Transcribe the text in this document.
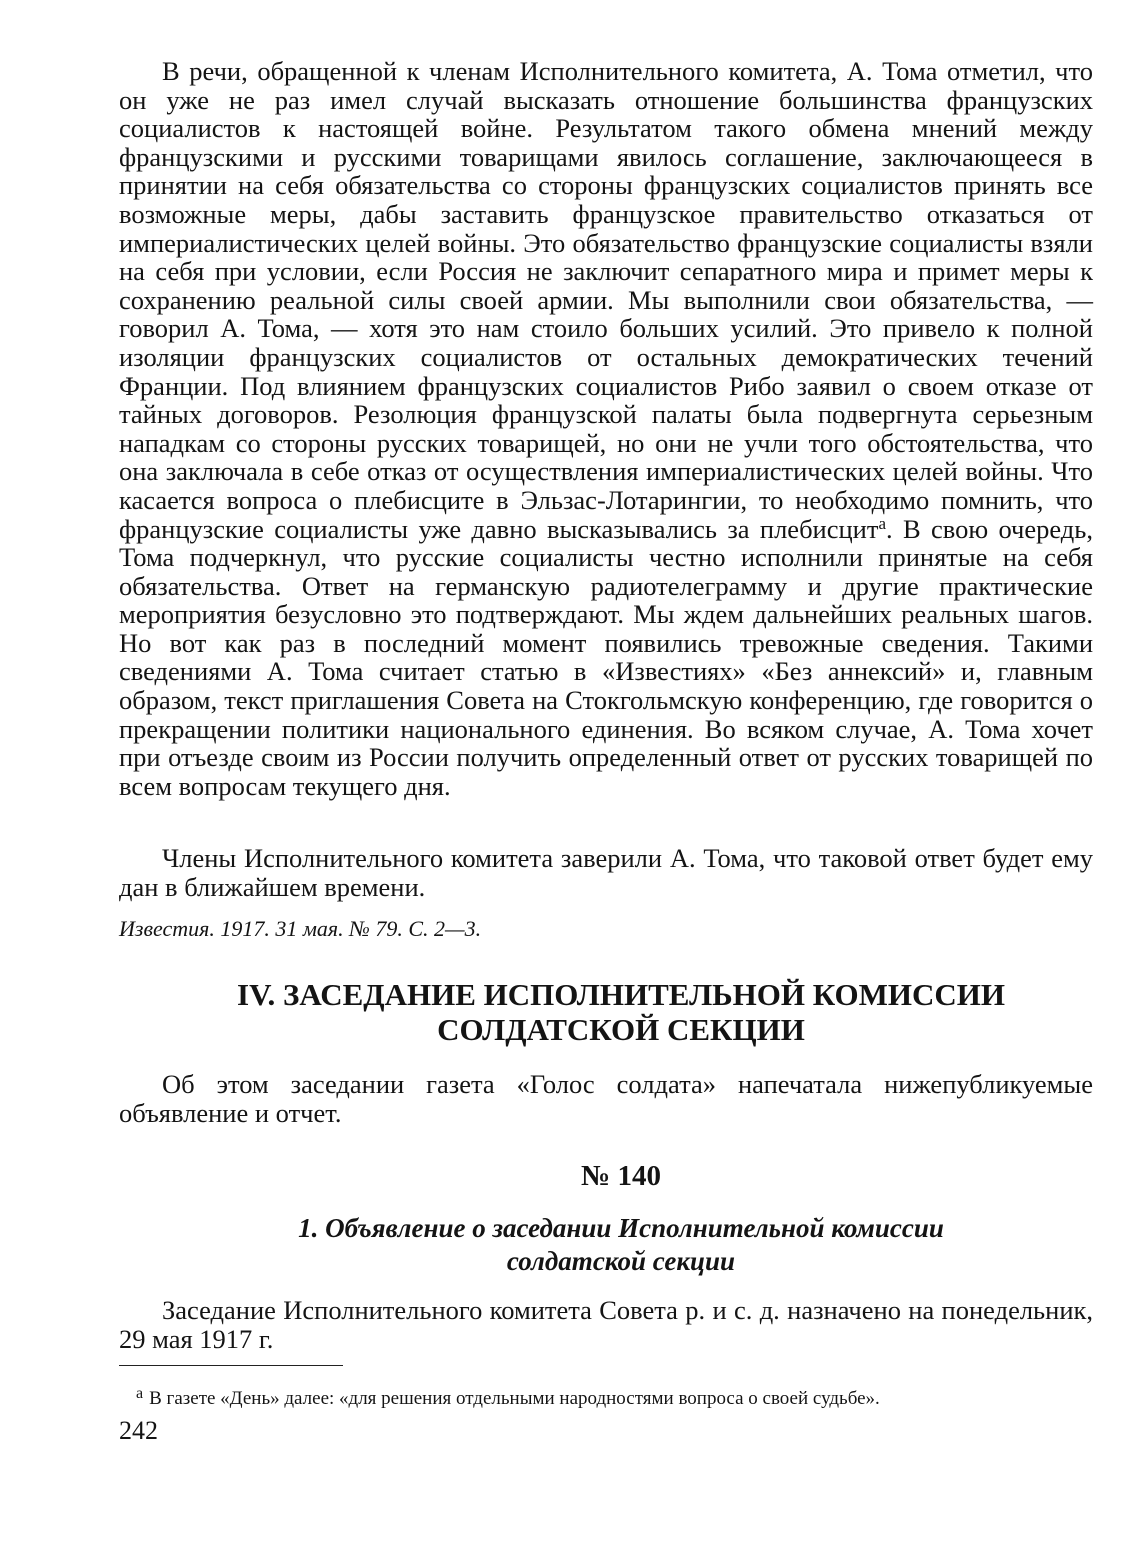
В речи, обращенной к членам Исполнительного комитета, А. Тома отметил, что он уже не раз имел случай высказать отношение большинства французских социалистов к настоящей войне. Результатом такого обмена мнений между французскими и русскими товарищами явилось соглашение, заключающееся в принятии на себя обязательства со стороны французских социалистов принять все возможные меры, дабы заставить французское правительство отказаться от империалистических целей войны. Это обязательство французские социалисты взяли на себя при условии, если Россия не заключит сепаратного мира и примет меры к сохранению реальной силы своей армии. Мы выполнили свои обязательства, — говорил А. Тома, — хотя это нам стоило больших усилий. Это привело к полной изоляции французских социалистов от остальных демократических течений Франции. Под влиянием французских социалистов Рибо заявил о своем отказе от тайных договоров. Резолюция французской палаты была подвергнута серьезным нападкам со стороны русских товарищей, но они не учли того обстоятельства, что она заключала в себе отказ от осуществления империалистических целей войны. Что касается вопроса о плебисците в Эльзас-Лотарингии, то необходимо помнить, что французские социалисты уже давно высказывались за плебисцит$^а$. В свою очередь, Тома подчеркнул, что русские социалисты честно исполнили принятые на себя обязательства. Ответ на германскую радиотелеграмму и другие практические мероприятия безусловно это подтверждают. Мы ждем дальнейших реальных шагов. Но вот как раз в последний момент появились тревожные сведения. Такими сведениями А. Тома считает статью в «Известиях» «Без аннексий» и, главным образом, текст приглашения Совета на Стокгольмскую конференцию, где говорится о прекращении политики национального единения. Во всяком случае, А. Тома хочет при отъезде своим из России получить определенный ответ от русских товарищей по всем вопросам текущего дня.

Члены Исполнительного комитета заверили А. Тома, что таковой ответ будет ему дан в ближайшем времени.

Известия. 1917. 31 мая. № 79. С. 2—3.

IV. ЗАСЕДАНИЕ ИСПОЛНИТЕЛЬНОЙ КОМИССИИ
СОЛДАТСКОЙ СЕКЦИИ

Об этом заседании газета «Голос солдата» напечатала нижепубликуемые объявление и отчет.

№ 140
1. Объявление о заседании Исполнительной комиссии
солдатской секции

Заседание Исполнительного комитета Совета р. и с. д. назначено на понедельник, 29 мая 1917 г.

$^а$ В газете «День» далее: «для решения отдельными народностями вопроса о своей судьбе».

242
